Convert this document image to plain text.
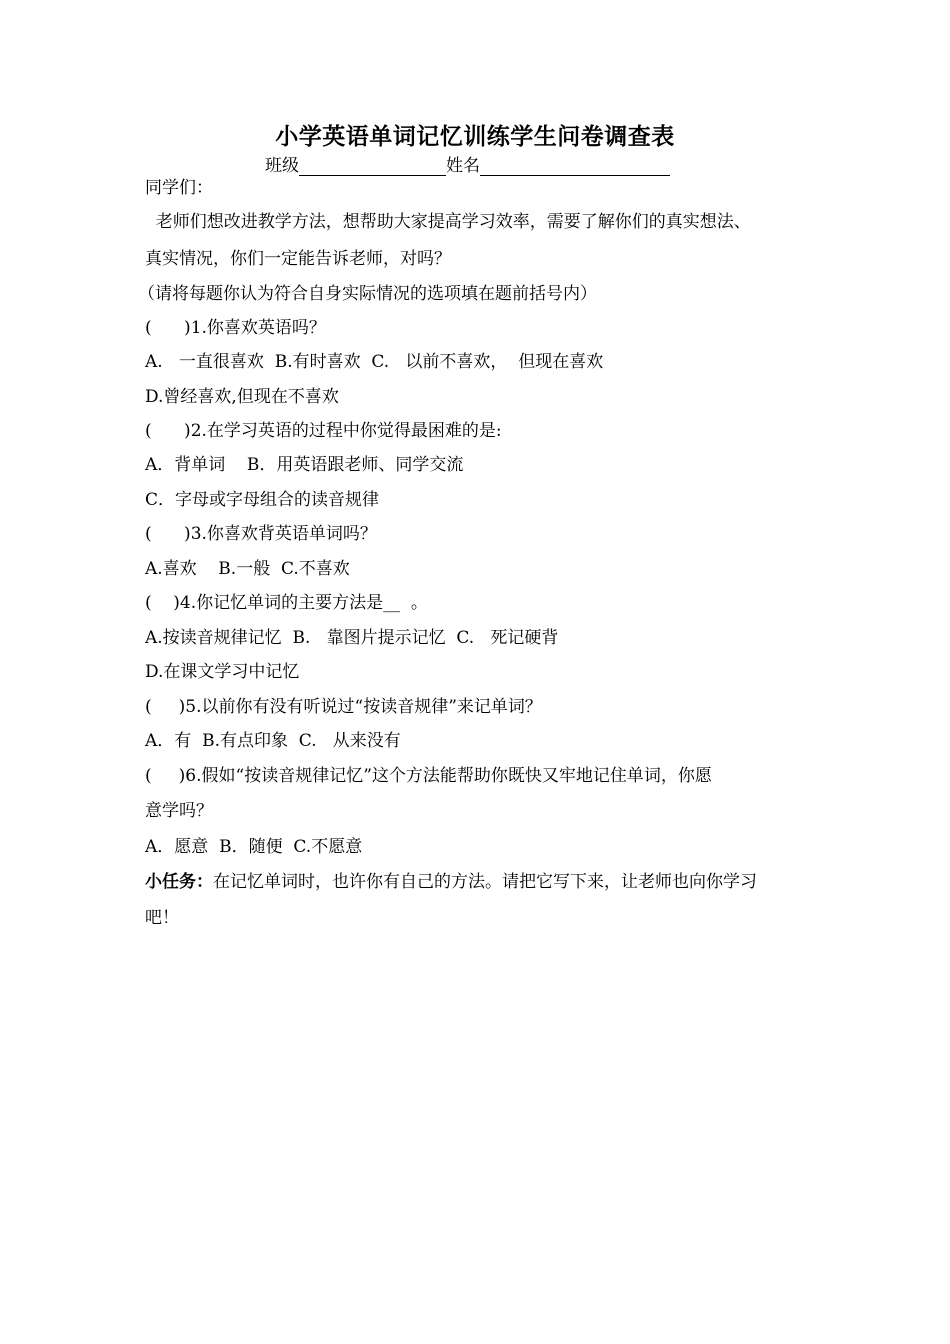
小学英语单词记忆训练学生问卷调查表
班级	姓名
同学们：
老师们想改进教学方法，想帮助大家提高学习效率，需要了解你们的真实想法、
真实情况，你们一定能告诉老师，对吗？
（请将每题你认为符合自身实际情况的选项填在题前括号内）
(      )1.你喜欢英语吗？
A.   一直很喜欢  B.有时喜欢  C.   以前不喜欢，  但现在喜欢
D.曾经喜欢,但现在不喜欢
(      )2.在学习英语的过程中你觉得最困难的是:
A．背单词    B．用英语跟老师、同学交流
C．字母或字母组合的读音规律
(      )3.你喜欢背英语单词吗？
A.喜欢    B.一般  C.不喜欢
(    )4.你记忆单词的主要方法是__  。
A.按读音规律记忆  B.   靠图片提示记忆  C.   死记硬背
D.在课文学习中记忆
(     )5.以前你有没有听说过“按读音规律”来记单词？
A．有  B.有点印象  C.   从来没有
(     )6.假如“按读音规律记忆”这个方法能帮助你既快又牢地记住单词，你愿
意学吗？
A．愿意  B．随便  C.不愿意
小任务：在记忆单词时，也许你有自己的方法。请把它写下来，让老师也向你学习
吧！
